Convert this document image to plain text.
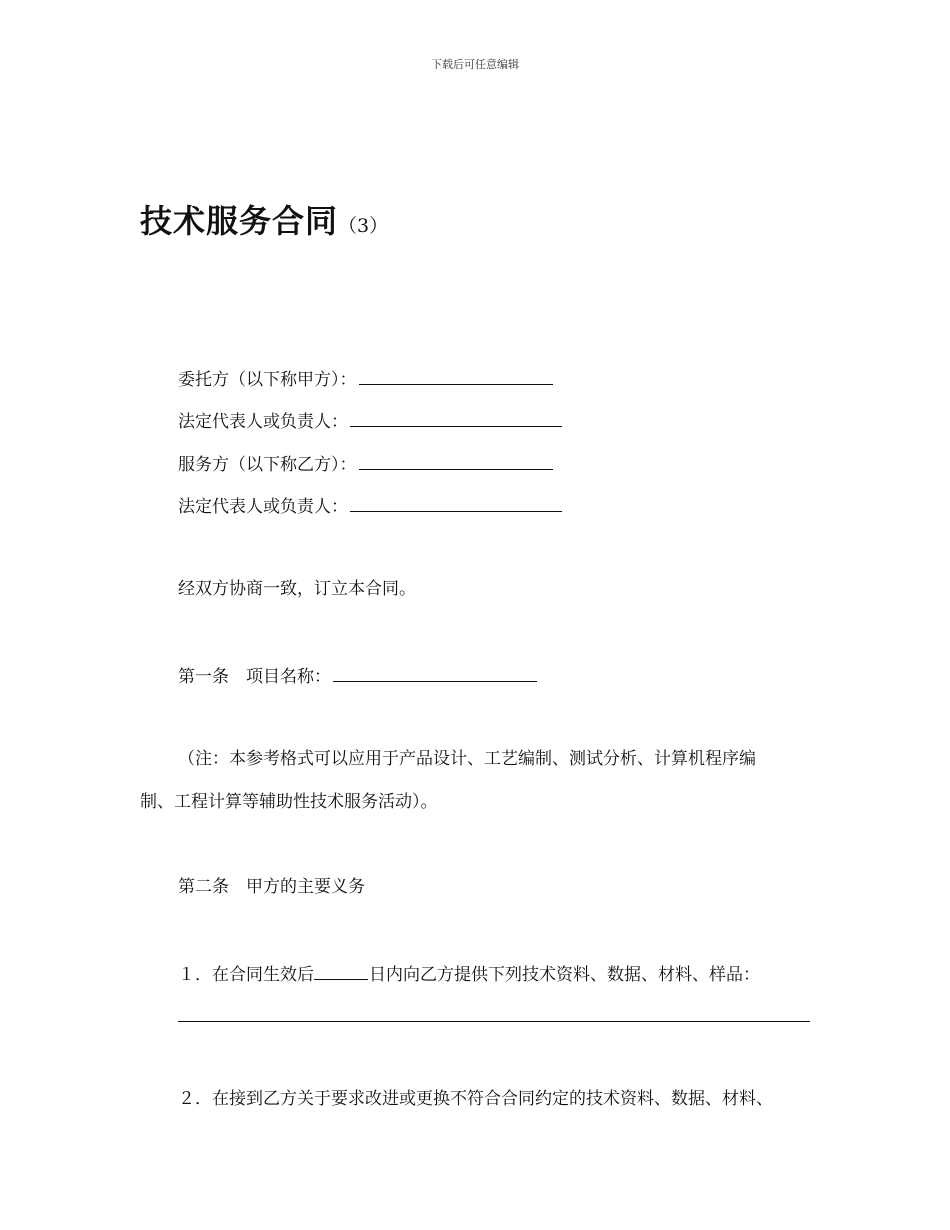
下载后可任意编辑
技术服务合同（3）
委托方（以下称甲方）：
法定代表人或负责人：
服务方（以下称乙方）：
法定代表人或负责人：
经双方协商一致，订立本合同。
第一条　项目名称：
（注：本参考格式可以应用于产品设计、工艺编制、测试分析、计算机程序编
制、工程计算等辅助性技术服务活动）。
第二条　甲方的主要义务
１．在合同生效后	日内向乙方提供下列技术资料、数据、材料、样品：
２．在接到乙方关于要求改进或更换不符合合同约定的技术资料、数据、材料、
